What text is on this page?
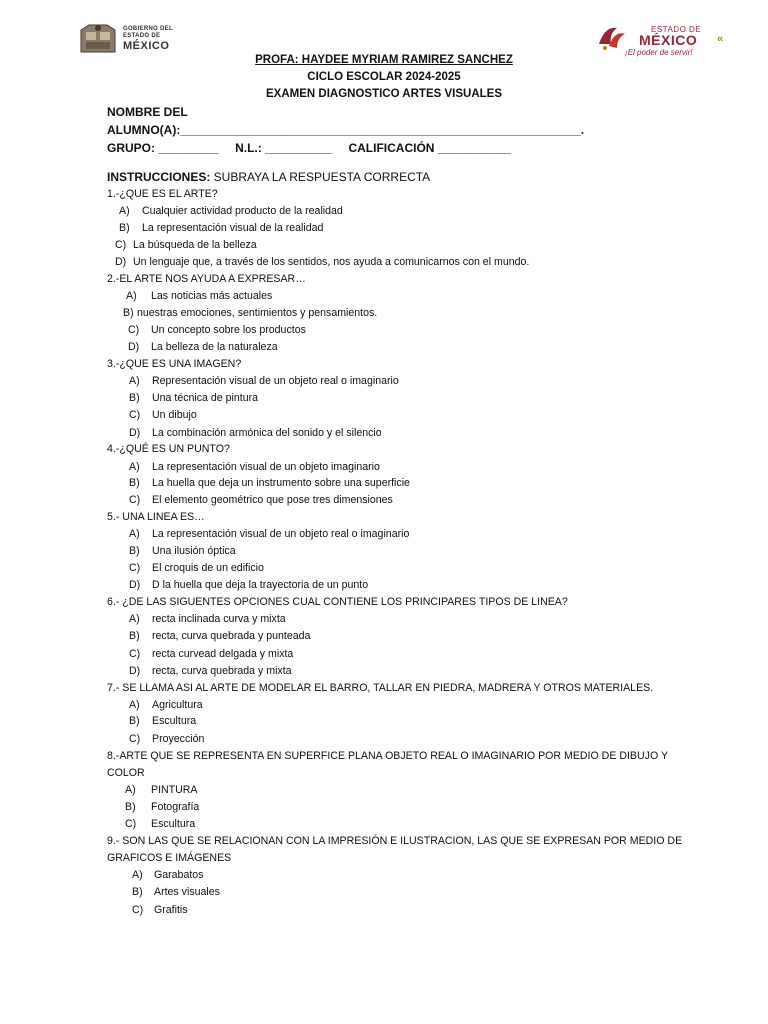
GOBIERNO DEL
ESTADO DE
MÉXICO
ESTADO DE
MÉXICO
¡El poder de servir!
«
PROFA: HAYDEE MYRIAM RAMIREZ SANCHEZ
CICLO ESCOLAR 2024-2025
EXAMEN DIAGNOSTICO ARTES VISUALES
NOMBRE DEL
ALUMNO(A):____________________________________________________________.
GRUPO: _________     N.L.: __________     CALIFICACIÓN ___________
INSTRUCCIONES: SUBRAYA LA RESPUESTA CORRECTA
1.-¿QUE ES EL ARTE?
2.-EL ARTE NOS AYUDA A EXPRESAR…
3.-¿QUE ES UNA IMAGEN?
4.-¿QUÉ ES UN PUNTO?
5.- UNA LINEA ES…
6.- ¿DE LAS SIGUENTES OPCIONES CUAL CONTIENE LOS PRINCIPARES TIPOS DE LINEA?
7.- SE LLAMA ASI AL ARTE DE MODELAR EL BARRO, TALLAR EN PIEDRA, MADRERA Y OTROS MATERIALES.
8.-ARTE QUE SE REPRESENTA EN SUPERFICE PLANA OBJETO REAL O IMAGINARIO POR MEDIO DE DIBUJO Y
COLOR
9.- SON LAS QUE SE RELACIONAN CON LA IMPRESIÓN E ILUSTRACION, LAS QUE SE EXPRESAN POR MEDIO DE
GRAFICOS E IMÁGENES
A) Cualquier actividad producto de la realidad
B) La representación visual de la realidad
C) La búsqueda de la belleza
D) Un lenguaje que, a través de los sentidos, nos ayuda a comunicarnos con el mundo.
A) Las noticias más actuales
B) nuestras emociones, sentimientos y pensamientos.
C) Un concepto sobre los productos
D) La belleza de la naturaleza
A) Representación visual de un objeto real o imaginario
B) Una técnica de pintura
C) Un dibujo
D) La combinación armónica del sonido y el silencio
A) La representación visual de un objeto imaginario
B) La huella que deja un instrumento sobre una superficie
C) El elemento geométrico que pose tres dimensiones
A) La representación visual de un objeto real o imaginario
B) Una ilusión óptica
C) El croquis de un edificio
D) D la huella que deja la trayectoria de un punto
A) recta inclinada curva y mixta
B) recta, curva quebrada y punteada
C) recta curvead delgada y mixta
D) recta, curva quebrada y mixta
A) Agricultura
B) Escultura
C) Proyección
A) PINTURA
B) Fotografía
C) Escultura
A) Garabatos
B) Artes visuales
C) Grafitis
